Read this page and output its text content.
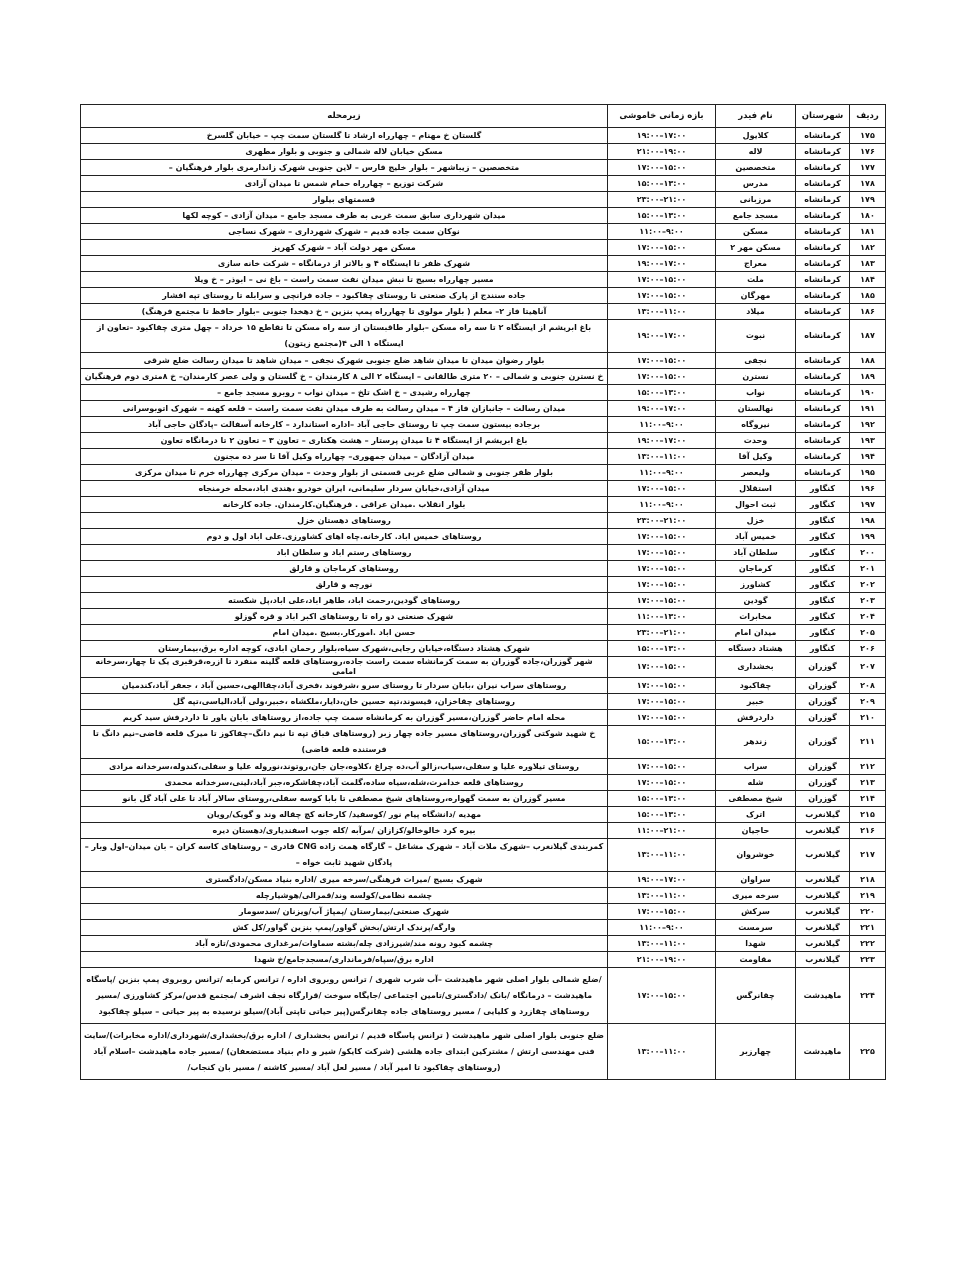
ردیف	شهرستان	نام فیدر	بازه زمانی خاموشی	زیرمحله
۱۷۵	کرمانشاه	کلایول	۱۷:۰۰–۱۹:۰۰	گلستان خ مهنام – چهارراه ارشاد تا گلستان سمت چپ – خیابان گلسرخ
۱۷۶	کرمانشاه	لاله	۱۹:۰۰–۲۱:۰۰	مسکن خیابان لاله شمالی و جنوبی و بلوار مطهری
۱۷۷	کرمانشاه	متخصصین	۱۵:۰۰–۱۷:۰۰	متخصصین – زیباشهر – بلوار خلیج فارس – لاین جنوبی شهرک زاندارمری بلوار فرهنگیان –
۱۷۸	کرمانشاه	مدرس	۱۳:۰۰–۱۵:۰۰	شرکت توزیع – چهارراه حمام شمس تا میدان آزادی
۱۷۹	کرمانشاه	مرزبانی	۲۱:۰۰–۲۳:۰۰	قسمتهای بیلوار
۱۸۰	کرمانشاه	مسجد جامع	۱۳:۰۰–۱۵:۰۰	میدان شهرداری سابق سمت غربی به طرف مسجد جامع – میدان آزادی – کوچه لکها
۱۸۱	کرمانشاه	مسکن	۹:۰۰–۱۱:۰۰	نوکان سمت جاده قدیم – شهرک شهرداری – شهرک نساجی
۱۸۲	کرمانشاه	مسکن مهر ۲	۱۵:۰۰–۱۷:۰۰	مسکن مهر دولت آباد – شهرک کهریز
۱۸۳	کرمانشاه	معراج	۱۷:۰۰–۱۹:۰۰	شهرک ظفر تا ایستگاه ۴ و بالاتر از درمانگاه – شرکت خانه سازی
۱۸۴	کرمانشاه	ملت	۱۵:۰۰–۱۷:۰۰	مسیر چهارراه بسیج تا نبش میدان نفت سمت راست – باغ نی – ابوذر – خ ویلا
۱۸۵	کرمانشاه	مهرگان	۱۵:۰۰–۱۷:۰۰	جاده سنندج از پارک صنعتی تا روستای چقاکبود – جاده فرانچی و سرابله تا روستای تپه افشار
۱۸۶	کرمانشاه	میلاد	۱۱:۰۰–۱۳:۰۰	آناهیتا فاز ۲– معلم ( بلوار مولوی تا چهارراه پمپ بنزین – خ دهخدا جنوبی –بلوار حافظ تا مجتمع فرهنگ)
۱۸۷	کرمانشاه	نبوت	۱۷:۰۰–۱۹:۰۰	باغ ابریشم از ایستگاه ۲ تا سه راه مسکن –بلوار طاقبستان از سه راه مسکن تا تقاطع ۱۵ خرداد – چهل متری چقاکبود –تعاون از ایستگاه ۱ الی ۴(مجتمع زیتون)
۱۸۸	کرمانشاه	نجفی	۱۵:۰۰–۱۷:۰۰	بلوار رضوان میدان تا میدان شاهد ضلع جنوبی شهرک نجفی – میدان شاهد تا میدان رسالت ضلع شرقی
۱۸۹	کرمانشاه	نسترن	۱۵:۰۰–۱۷:۰۰	خ نسترن جنوبی و شمالی – ۲۰ متری طالقانی – ایستگاه ۲ الی ۸ کارمندان – خ گلستان و ولی عصر کارمندان– خ ۸متری دوم فرهنگیان
۱۹۰	کرمانشاه	نواب	۱۳:۰۰–۱۵:۰۰	چهارراه رشیدی – خ اشک تلخ – میدان نواب – روبرو مسجد جامع –
۱۹۱	کرمانشاه	نهالستان	۱۷:۰۰–۱۹:۰۰	میدان رسالت – جانبازان فاز ۴ – میدان رسالت به طرف میدان نفت سمت راست – قلعه کهنه – شهرک اتوبوسرانی
۱۹۲	کرمانشاه	نیروگاه	۹:۰۰–۱۱:۰۰	برجاده بیستون سمت چپ تا روستای حاجی آباد –اداره استاندارد – کارخانه آسفالت –پادگان حاجی آباد
۱۹۳	کرمانشاه	وحدت	۱۷:۰۰–۱۹:۰۰	باغ ابریشم از ایستگاه ۴ تا میدان پرستار – هشت هکتاری – تعاون ۳ – تعاون ۲ تا درمانگاه تعاون
۱۹۴	کرمانشاه	وکیل آقا	۱۱:۰۰–۱۳:۰۰	میدان آزادگان – میدان جمهوری– چهارراه وکیل آقا تا سر ده مجنون
۱۹۵	کرمانشاه	ولیعصر	۹:۰۰–۱۱:۰۰	بلوار ظفر جنوبی و شمالی ضلع غربی قسمتی از بلوار وحدت – میدان مرکزی چهارراه خرم تا میدان مرکزی
۱۹۶	کنگاور	استقلال	۱۵:۰۰–۱۷:۰۰	میدان آزادی،خیابان سردار سلیمانی، ایران خودرو ،هندی اباد،محله خرمنجاه
۱۹۷	کنگاور	ثبت احوال	۹:۰۰–۱۱:۰۰	بلوار انقلاب .میدان عراقی . فرهنگیان.کارمندان. جاده کارخانه
۱۹۸	کنگاور	خزل	۲۱:۰۰–۲۳:۰۰	روستاهای دهستان خزل
۱۹۹	کنگاور	خمیس آباد	۱۵:۰۰–۱۷:۰۰	روستاهای خمیس اباد. کارخانه.چاه اهای کشاورزی.علی اباد اول و دوم
۲۰۰	کنگاور	سلطان آباد	۱۵:۰۰–۱۷:۰۰	روستاهای رستم اباد و سلطان اباد
۲۰۱	کنگاور	کرماجان	۱۵:۰۰–۱۷:۰۰	روستاهای کرماجان و قارلق
۲۰۲	کنگاور	کشاورز	۱۵:۰۰–۱۷:۰۰	نورچه و قارلق
۲۰۳	کنگاور	گودین	۱۵:۰۰–۱۷:۰۰	روستاهای گودین،رحمت اباد، طاهر اباد،علی اباد،پل شکسته
۲۰۴	کنگاور	مخابرات	۱۳:۰۰–۱۱:۰۰	شهرک صنعتی دو راه تا روستاهای اکبر اباد و قره گوزلو
۲۰۵	کنگاور	میدان امام	۲۱:۰۰–۲۳:۰۰	حسن اباد .امورکار.بسیج .میدان امام
۲۰۶	کنگاور	هشتاد دستگاه	۱۳:۰۰–۱۵:۰۰	شهرک هشتاد دستگاه،خیابان رجایی،شهرک سیاه،بلوار رحمان ابادی، کوچه اداره برق،بیمارستان
۲۰۷	گوزران	بخشداری	۱۵:۰۰–۱۷:۰۰	شهر گوزران،جاده گوزران به سمت کرمانشاه سمت راست جاده،روستاهای قلعه گلینه منفرد تا ازره،قرقبری یک تا چهار،سرخانه امامی
۲۰۸	گوزران	چقاکبود	۱۵:۰۰–۱۷:۰۰	روستاهای سراب نیران ،بابان سردار تا روستای سرو ،شرفوند ،فخری آباد،چقاالهی،حسین آباد ، جعفر آباد،کندمیان
۲۰۹	گوزران	خبیر	۱۵:۰۰–۱۷:۰۰	روستاهای چقاخزان، قیسوند،تپه حسین خان،دایار،ملکشاه ،خبیر،ولی آباد،الیاسی،تپه گل
۲۱۰	گوزران	داردرفش	۱۵:۰۰–۱۷:۰۰	محله امام حاضر گوزران،مسیر گوزران به کرمانشاه سمت چپ جاده،از روستاهای بابان یاور تا داردرفش سید کریم
۲۱۱	گوزران	زندهر	۱۳:۰۰–۱۵:۰۰	خ شهید شوکتی گوزران،روستاهای مسیر جاده چهار زبر (روستاهای قباق تپه تا نیم دانگ–چقاکوز تا میرک قلعه قاضی–نیم دانگ تا فرستنده قلعه قاضی)
۲۱۲	گوزران	سراب	۱۵:۰۰–۱۷:۰۰	روستای تیلاوره علیا و سفلی،سیاب،زالو آب،ده چراغ ،کلاوه،جان جان،روتوند،نوروله علیا و سفلی،کندوله،سرخدانه مرادی
۲۱۳	گوزران	شله	۱۵:۰۰–۱۷:۰۰	روستاهای قلعه خدامرت،شله،سیاه ساده،گلمت آباد،چقاشکره،جبر آباد،لینی،سرخدانه محمدی
۲۱۴	گوزران	شیخ مصطفی	۱۳:۰۰–۱۵:۰۰	مسیر گوزران به سمت گهواره،روستاهای شیخ مصطفی تا بابا کوسه سفلی،روستای سالار آباد تا علی آباد گل بانو
۲۱۵	گیلانغرب	اترک	۱۳:۰۰–۱۵:۰۰	مهدیه /دانشگاه پیام نور /کوسفید/ کارخانه کچ چقاله وند و گویک/رویان
۲۱۶	گیلانغرب	حاجیان	۲۱:۰۰–۱۱:۰۰	بیره کرد خالوخالو/کزازان /مرآبه /کله جوب اسفندیاری/دهستان دیره
۲۱۷	گیلانغرب	خوشروان	۱۱:۰۰–۱۳:۰۰	کمربندی گیلانغرب –شهرک ملات آباد – شهرک مشاغل – گارگاه همت زاده CNG قادری – روستاهای کاسه کران – بان میدان–اول وبار – پادگان شهید ثابت خواه –
۲۱۸	گیلانغرب	سراوان	۱۷:۰۰–۱۹:۰۰	شهرک بسیج /میرات فرهنگی/سرخه میری /اداره بنیاد مسکن/دادگستری
۲۱۹	گیلانغرب	سرخه میری	۱۱:۰۰–۱۳:۰۰	چشمه نظامی/کولسه وند/قمرالی/هوشیارچله
۲۲۰	گیلانغرب	سرکش	۱۵:۰۰–۱۷:۰۰	شهرک صنعتی/بیمارستان /پمپاژ آب/ویزنان /سدسومار
۲۲۱	گیلانغرب	سرمست	۹:۰۰–۱۱:۰۰	وارگه/پرندک ارتش/بخش گواور/پمپ بنزین گواور/کل کش
۲۲۲	گیلانغرب	شهدا	۱۱:۰۰–۱۳:۰۰	چشمه کبود رونه مند/شیرزادی چله/بشته سماوات/مرغداری محمودی/تازه آباد
۲۲۳	گیلانغرب	مقاومت	۱۹:۰۰–۲۱:۰۰	اداره برق/سپاه/فرمانداری/مسجدجامع/خ شهدا
۲۲۴	ماهیدشت	چقانرگس	۱۵:۰۰–۱۷:۰۰	/ضلع شمالی بلوار اصلی شهر ماهیدشت –آب شرب شهری / ترانس روبروی اداره / ترانس کرمابه /ترانس روبروی پمپ بنزین /پاسگاه ماهیدشت – درمانگاه /بانک /دادگستری/تامین اجتماعی /جایگاه سوخت /قرارگاه نجف اشرف /مجتمع قدس/مرکز کشاورزی /مسیر روستاهای چقازرد و کلیایی / مسیر روستاهای جاده چقانرگس(پیر حیاتی تاپتی آباد)/سیلو نرسیده به پیر حیاتی – سیلو چقاکبود
۲۲۵	ماهیدشت	چهارزبر	۱۱:۰۰–۱۳:۰۰	ضلع جنوبی بلوار اصلی شهر ماهیدشت ( ترانس پاسگاه قدیم / ترانس بخشداری / اداره برق/بخشداری/شهرداری/اداره مخابرات)/سایت فنی مهندسی ارتش / مشترکین ابتدای جاده هلشی (شرکت کایکو/ شیر و دام بنیاد مستضعفان) /مسیر جاده ماهیدشت –اسلام آباد (روستاهای چقاکبود تا امیر آباد / مسیر لعل آباد /مسیر کاشنه / مسیر بان کنجاب/
